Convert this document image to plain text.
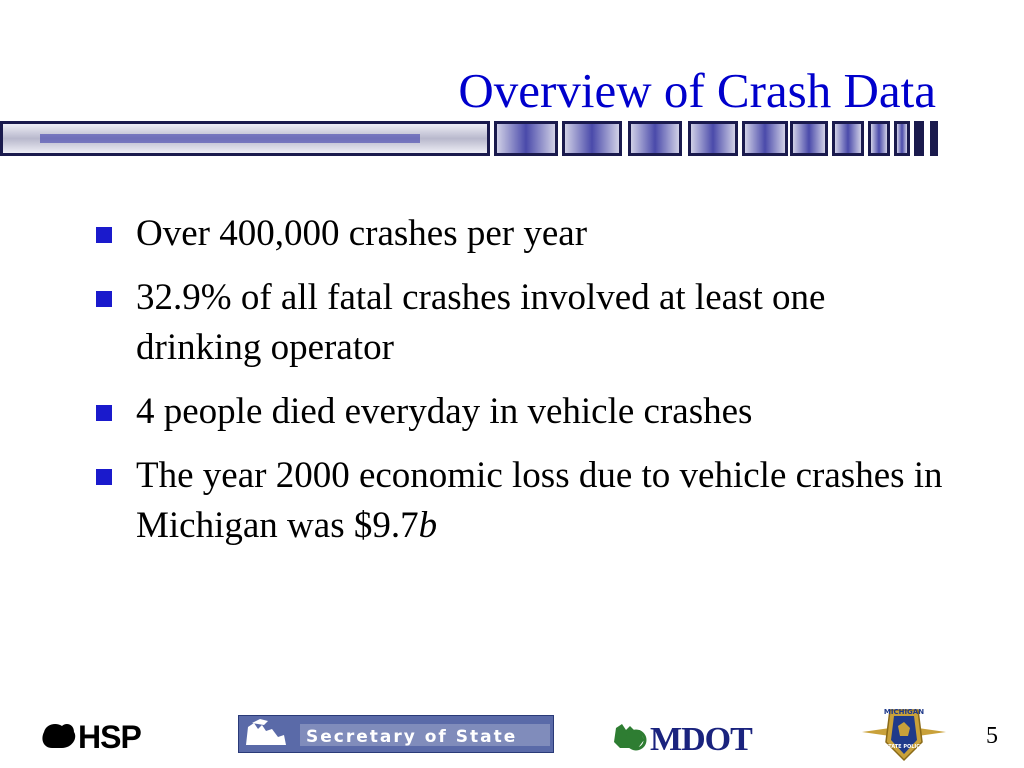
Overview of Crash Data
Over 400,000 crashes per year
32.9% of all fatal crashes involved at least one drinking operator
4 people died everyday in vehicle crashes
The year 2000 economic loss due to vehicle crashes in Michigan was $9.7b
HSP	Secretary of State	MDOT
MICHIGAN
STATE POLICE	5
